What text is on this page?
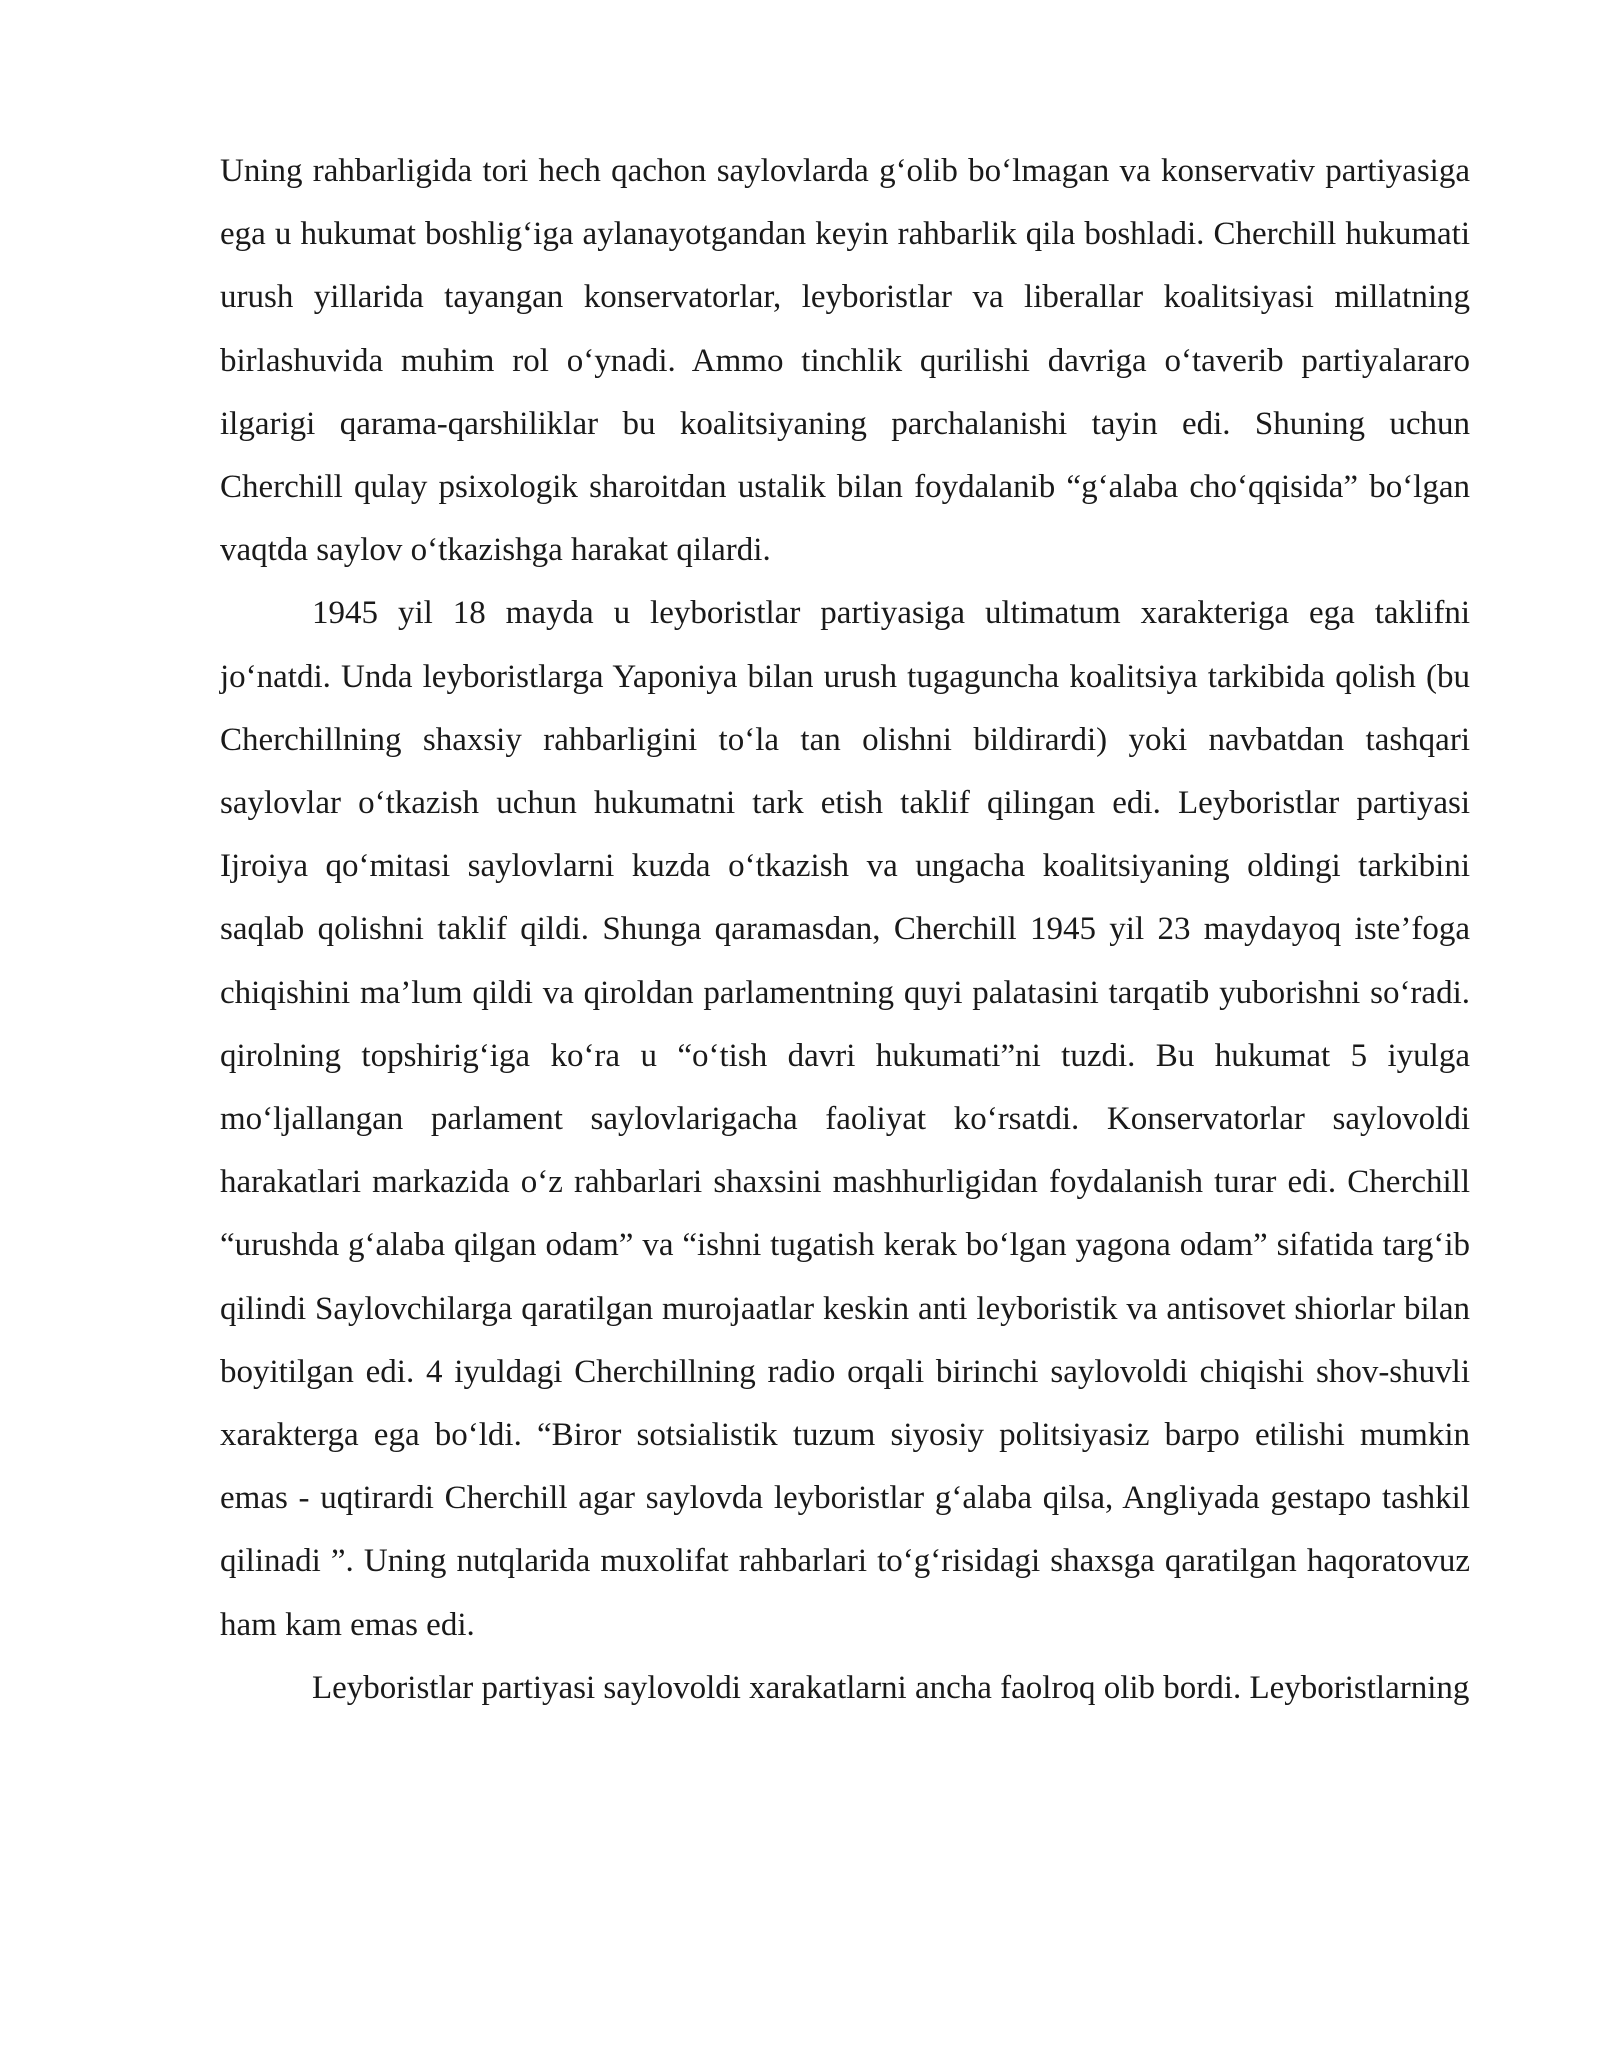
Uning rahbarligida tori hech qachon saylovlarda g‘olib bo‘lmagan va konservativ partiyasiga ega u hukumat boshlig‘iga aylanayotgandan keyin rahbarlik qila boshladi. Cherchill hukumati urush yillarida tayangan konservatorlar, leyboristlar va liberallar koalitsiyasi millatning birlashuvida muhim rol o‘ynadi. Ammo tinchlik qurilishi davriga o‘taverib partiyalararo ilgarigi qarama-qarshiliklar bu koalitsiyaning parchalanishi tayin edi. Shuning uchun Cherchill qulay psixologik sharoitdan ustalik bilan foydalanib “g‘alaba cho‘qqisida” bo‘lgan vaqtda saylov o‘tkazishga harakat qilardi.

1945 yil 18 mayda u leyboristlar partiyasiga ultimatum xarakteriga ega taklifni jo‘natdi. Unda leyboristlarga Yaponiya bilan urush tugaguncha koalitsiya tarkibida qolish (bu Cherchillning shaxsiy rahbarligini to‘la tan olishni bildirardi) yoki navbatdan tashqari saylovlar o‘tkazish uchun hukumatni tark etish taklif qilingan edi. Leyboristlar partiyasi Ijroiya qo‘mitasi saylovlarni kuzda o‘tkazish va ungacha koalitsiyaning oldingi tarkibini saqlab qolishni taklif qildi. Shunga qaramasdan, Cherchill 1945 yil 23 maydayoq iste’foga chiqishini ma’lum qildi va qiroldan parlamentning quyi palatasini tarqatib yuborishni so‘radi. qirolning topshirig‘iga ko‘ra u “o‘tish davri hukumati”ni tuzdi. Bu hukumat 5 iyulga mo‘ljallangan parlament saylovlarigacha faoliyat ko‘rsatdi. Konservatorlar saylovoldi harakatlari markazida o‘z rahbarlari shaxsini mashhurligidan foydalanish turar edi. Cherchill “urushda g‘alaba qilgan odam” va “ishni tugatish kerak bo‘lgan yagona odam” sifatida targ‘ib qilindi Saylovchilarga qaratilgan murojaatlar keskin anti leyboristik va antisovet shiorlar bilan boyitilgan edi. 4 iyuldagi Cherchillning radio orqali birinchi saylovoldi chiqishi shov-shuvli xarakterga ega bo‘ldi. “Biror sotsialistik tuzum siyosiy politsiyasiz barpo etilishi mumkin emas - uqtirardi Cherchill agar saylovda leyboristlar g‘alaba qilsa, Angliyada gestapo tashkil qilinadi ”. Uning nutqlarida muxolifat rahbarlari to‘g‘risidagi shaxsga qaratilgan haqoratovuz ham kam emas edi.

Leyboristlar partiyasi saylovoldi xarakatlarni ancha faolroq olib bordi. Leyboristlarning
